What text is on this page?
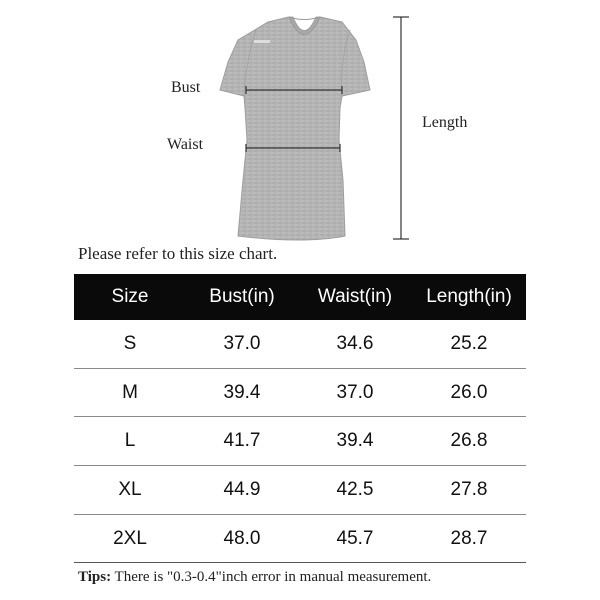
Bust
Waist
Length
Please refer to this size chart.
Size	Bust(in)	Waist(in)	Length(in)
S	37.0	34.6	25.2
M	39.4	37.0	26.0
L	41.7	39.4	26.8
XL	44.9	42.5	27.8
2XL	48.0	45.7	28.7
Tips: There is "0.3-0.4"inch error in manual measurement.
